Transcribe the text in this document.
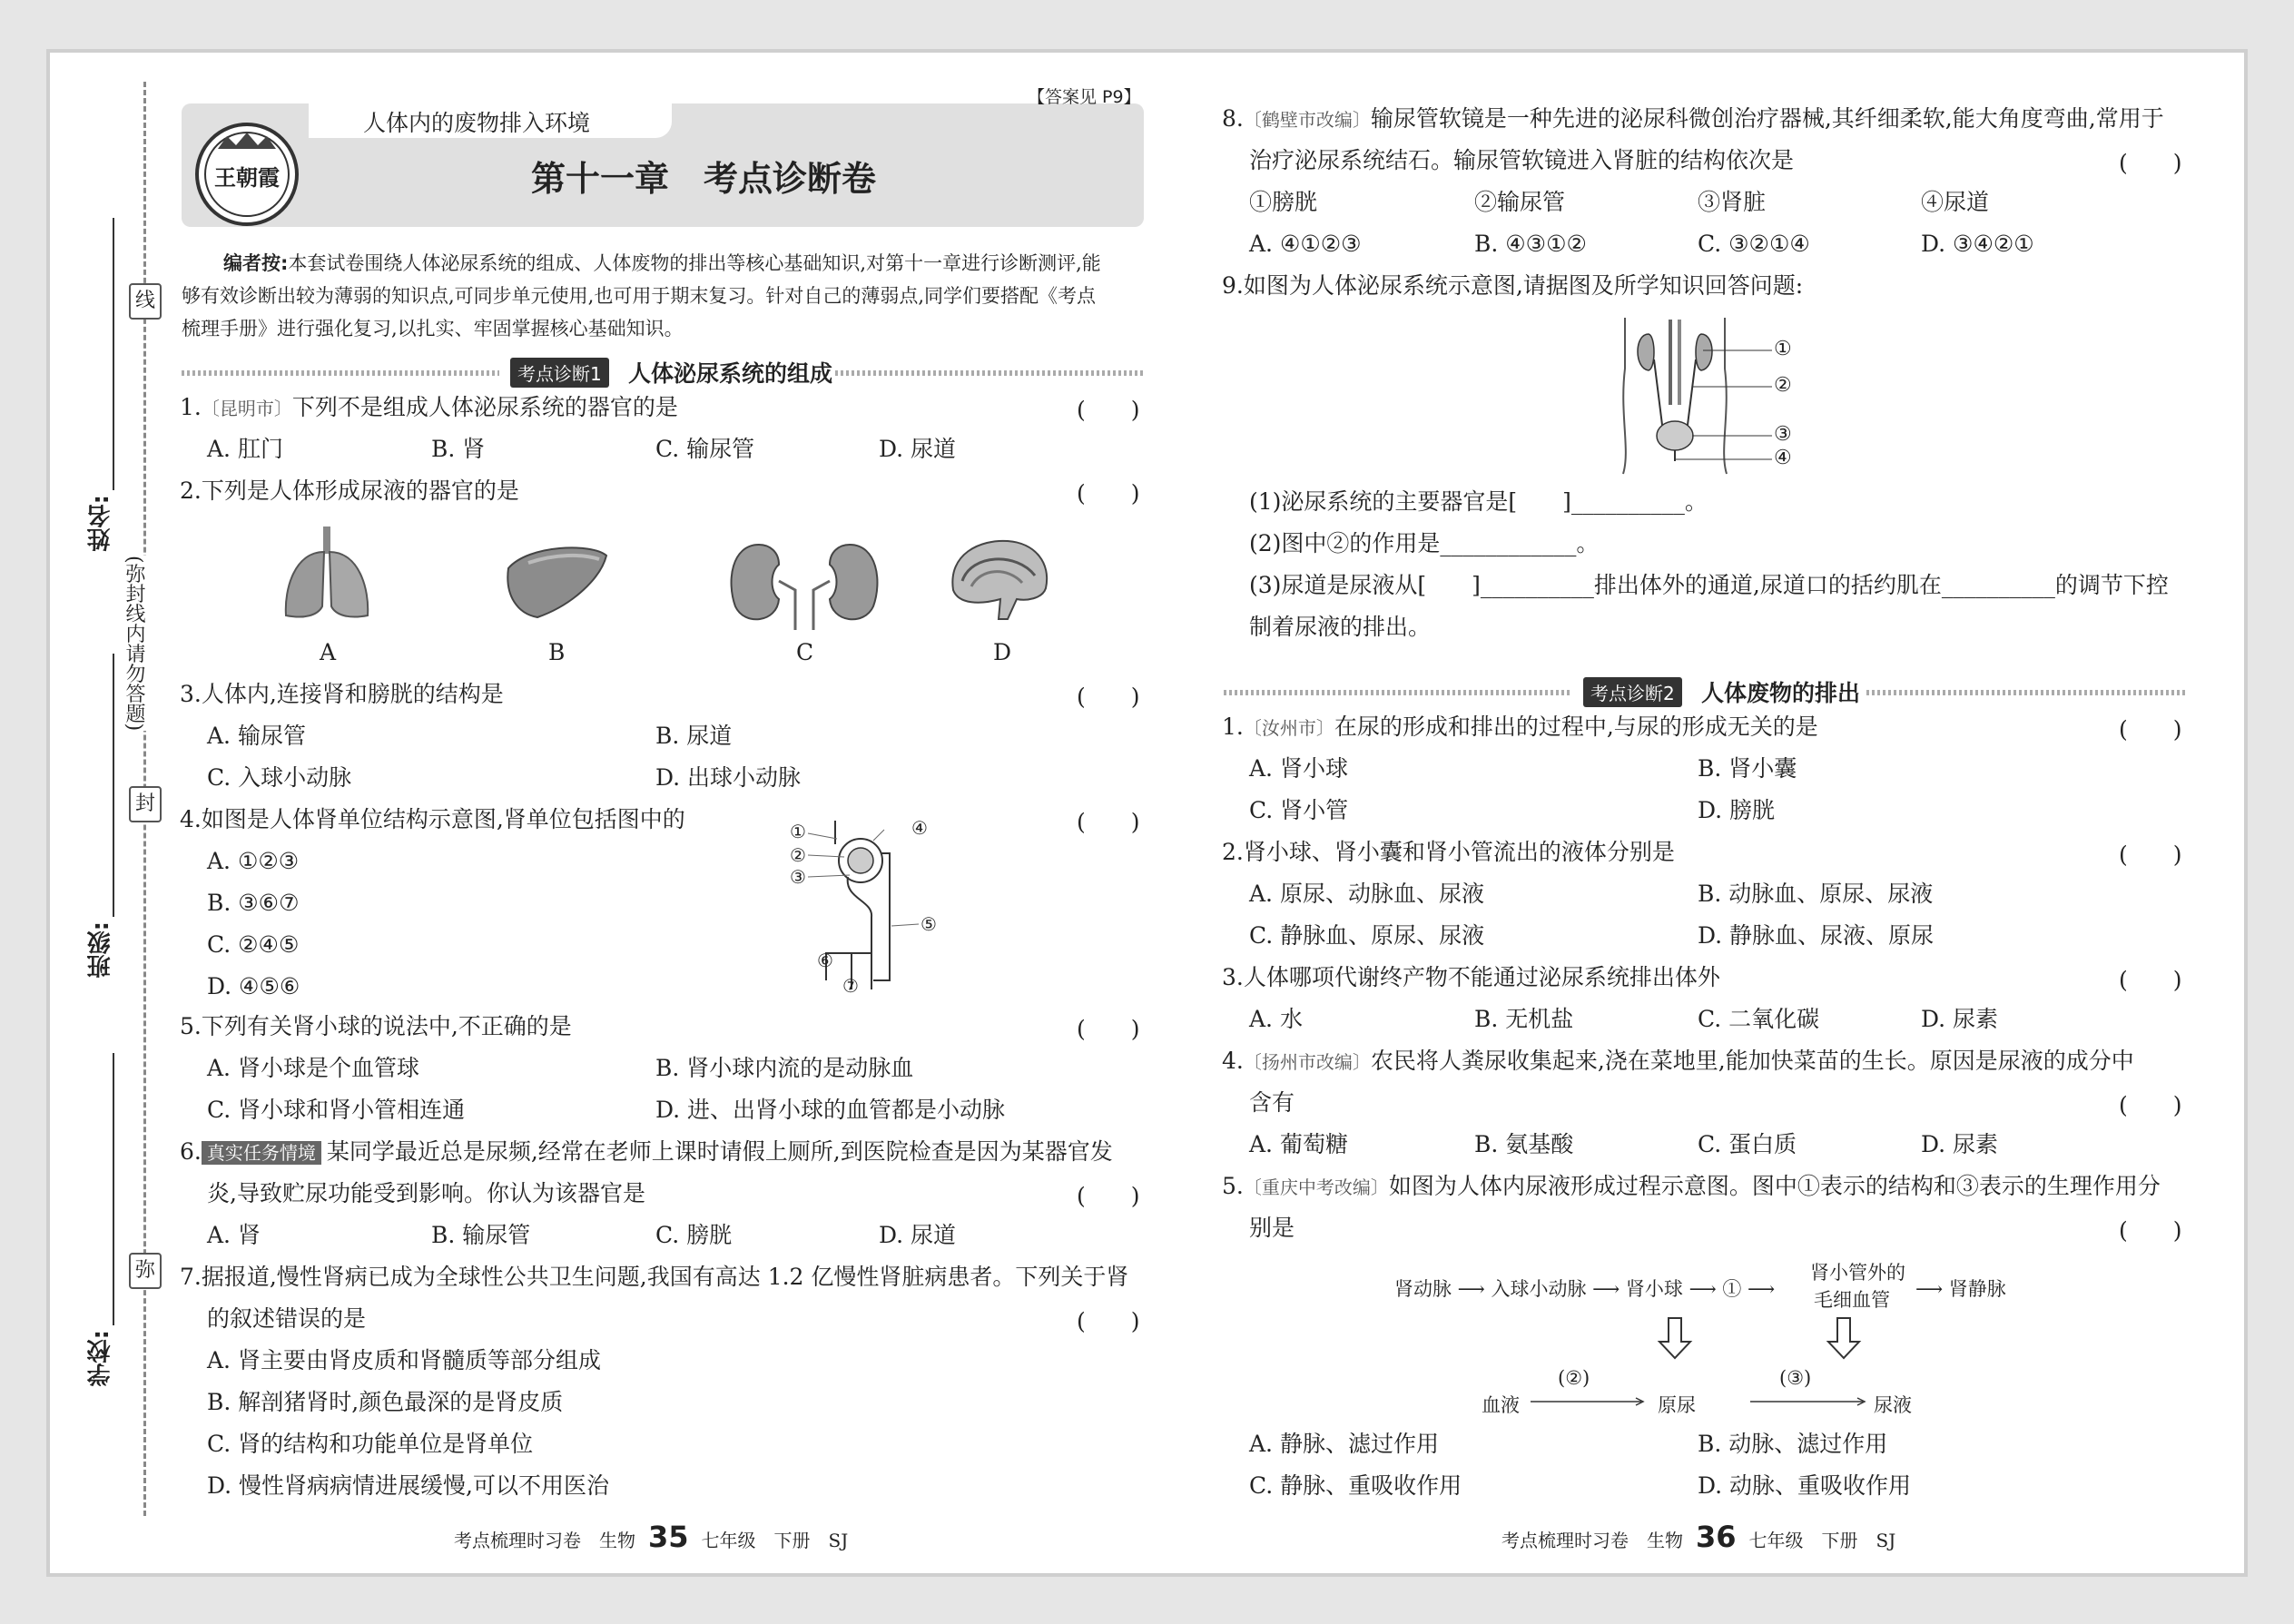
线
封
弥
(弥封线内请勿答题)
姓名:
班级:
学校:
人体内的废物排入环境
【答案见 P9】
王朝霞	第十一章　考点诊断卷
编者按:本套试卷围绕人体泌尿系统的组成、人体废物的排出等核心基础知识,对第十一章进行诊断测评,能
够有效诊断出较为薄弱的知识点,可同步单元使用,也可用于期末复习。针对自己的薄弱点,同学们要搭配《考点
梳理手册》进行强化复习,以扎实、牢固掌握核心基础知识。
考点诊断1	人体泌尿系统的组成
1.〔昆明市〕下列不是组成人体泌尿系统的器官的是	(　　)
A. 肛门	B. 肾	C. 输尿管	D. 尿道
2.下列是人体形成尿液的器官的是	(　　)
A	B	C	D
3.人体内,连接肾和膀胱的结构是	(　　)
A. 输尿管	B. 尿道
C. 入球小动脉	D. 出球小动脉
4.如图是人体肾单位结构示意图,肾单位包括图中的	(　　)
A. ①②③
B. ③⑥⑦
C. ②④⑤
D. ④⑤⑥
①
②
③
④
⑤
⑥
⑦
5.下列有关肾小球的说法中,不正确的是	(　　)
A. 肾小球是个血管球	B. 肾小球内流的是动脉血
C. 肾小球和肾小管相连通	D. 进、出肾小球的血管都是小动脉
6. 真实任务情境 某同学最近总是尿频,经常在老师上课时请假上厕所,到医院检查是因为某器官发
炎,导致贮尿功能受到影响。你认为该器官是	(　　)
A. 肾	B. 输尿管	C. 膀胱	D. 尿道
7.据报道,慢性肾病已成为全球性公共卫生问题,我国有高达 1.2 亿慢性肾脏病患者。下列关于肾
的叙述错误的是	(　　)
A. 肾主要由肾皮质和肾髓质等部分组成
B. 解剖猪肾时,颜色最深的是肾皮质
C. 肾的结构和功能单位是肾单位
D. 慢性肾病病情进展缓慢,可以不用医治
考点梳理时习卷　生物 35 七年级　下册　SJ
8.〔鹤壁市改编〕输尿管软镜是一种先进的泌尿科微创治疗器械,其纤细柔软,能大角度弯曲,常用于
治疗泌尿系统结石。输尿管软镜进入肾脏的结构依次是	(　　)
①膀胱	②输尿管	③肾脏	④尿道
A. ④①②③	B. ④③①②	C. ③②①④	D. ③④②①
9.如图为人体泌尿系统示意图,请据图及所学知识回答问题:
①
②
③
④
(1)泌尿系统的主要器官是[　　]__________。
(2)图中②的作用是____________。
(3)尿道是尿液从[　　]__________排出体外的通道,尿道口的括约肌在__________的调节下控
制着尿液的排出。
考点诊断2	人体废物的排出
1.〔汝州市〕在尿的形成和排出的过程中,与尿的形成无关的是	(　　)
A. 肾小球	B. 肾小囊
C. 肾小管	D. 膀胱
2.肾小球、肾小囊和肾小管流出的液体分别是	(　　)
A. 原尿、动脉血、尿液	B. 动脉血、原尿、尿液
C. 静脉血、原尿、尿液	D. 静脉血、尿液、原尿
3.人体哪项代谢终产物不能通过泌尿系统排出体外	(　　)
A. 水	B. 无机盐	C. 二氧化碳	D. 尿素
4.〔扬州市改编〕农民将人粪尿收集起来,浇在菜地里,能加快菜苗的生长。原因是尿液的成分中
含有	(　　)
A. 葡萄糖	B. 氨基酸	C. 蛋白质	D. 尿素
5.〔重庆中考改编〕如图为人体内尿液形成过程示意图。图中①表示的结构和③表示的生理作用分
别是	(　　)
肾动脉 ⟶ 入球小动脉 ⟶ 肾小球 ⟶ ① ⟶
肾小管外的
毛细血管 ⟶ 肾静脉
血液
(②)
原尿
(③)
尿液
A. 静脉、滤过作用	B. 动脉、滤过作用
C. 静脉、重吸收作用	D. 动脉、重吸收作用
考点梳理时习卷　生物 36 七年级　下册　SJ
